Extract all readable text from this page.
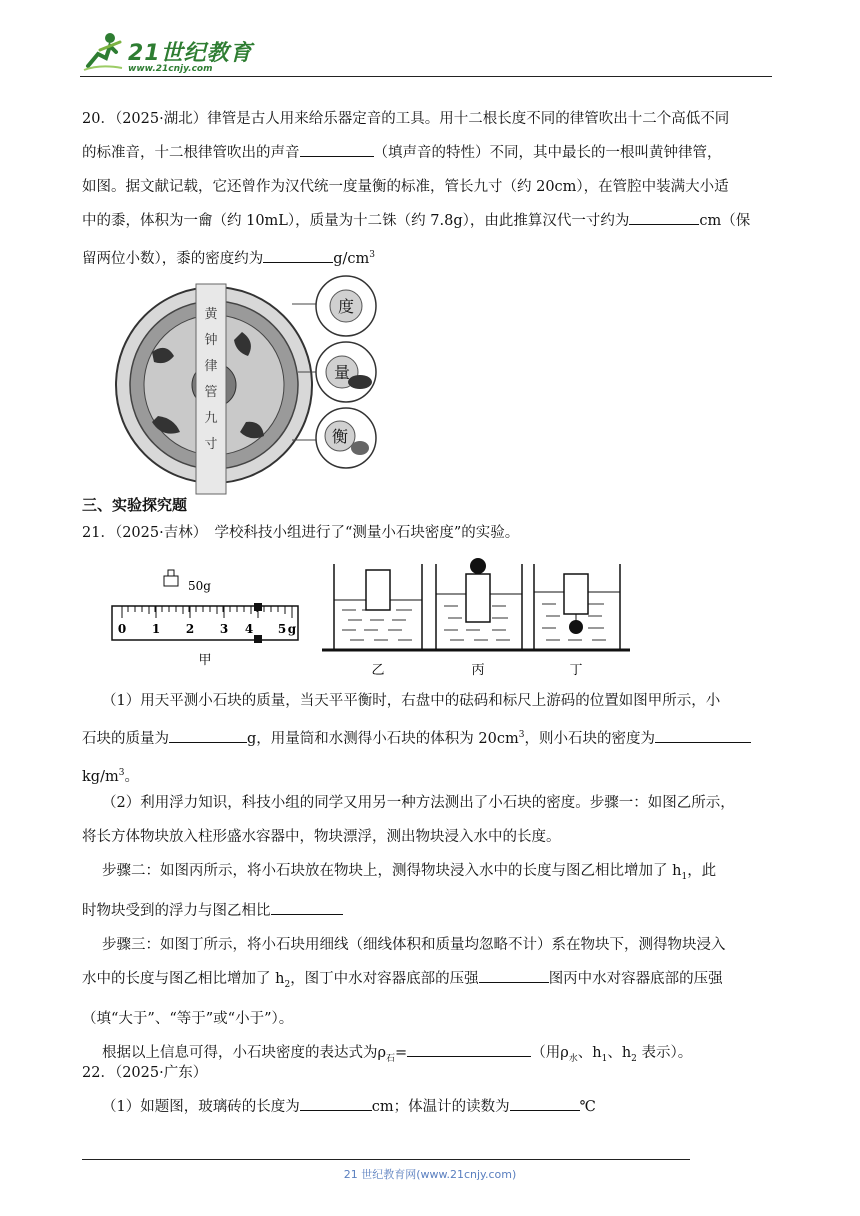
21世纪教育
www.21cnjy.com
20．（2025·湖北）律管是古人用来给乐器定音的工具。用十二根长度不同的律管吹出十二个高低不同
的标准音，十二根律管吹出的声音	（填声音的特性）不同，其中最长的一根叫黄钟律管，
如图。据文献记载，它还曾作为汉代统一度量衡的标准，管长九寸（约 20cm），在管腔中装满大小适
中的黍，体积为一龠（约 10mL），质量为十二铢（约 7.8g），由此推算汉代一寸约为	cm（保
留两位小数），黍的密度约为	$g/cm^3$
黄
钟
律
管
九
寸
度
量
衡
三、实验探究题
21．（2025·吉林）　学校科技小组进行了“测量小石块密度”的实验。
50g
0 1 2 3 4 5 g
甲
乙	丙	丁
（1）用天平测小石块的质量，当天平平衡时，右盘中的砝码和标尺上游码的位置如图甲所示，小
石块的质量为	g，用量筒和水测得小石块的体积为 $20cm^3$，则小石块的密度为
$kg/m^3$。
（2）利用浮力知识，科技小组的同学又用另一种方法测出了小石块的密度。步骤一：如图乙所示，
将长方体物块放入柱形盛水容器中，物块漂浮，测出物块浸入水中的长度。
步骤二：如图丙所示，将小石块放在物块上，测得物块浸入水中的长度与图乙相比增加了 $h_1$，此
时物块受到的浮力与图乙相比
步骤三：如图丁所示，将小石块用细线（细线体积和质量均忽略不计）系在物块下，测得物块浸入
水中的长度与图乙相比增加了 $h_2$，图丁中水对容器底部的压强	图丙中水对容器底部的压强
（填“大于”、“等于”或“小于”）。
根据以上信息可得，小石块密度的表达式为$\rho_石=$	（用$\rho_水$、$h_1$、$h_2$ 表示）。
22．（2025·广东）
（1）如题图，玻璃砖的长度为	cm；体温计的读数为	℃
21 世纪教育网(www.21cnjy.com)
